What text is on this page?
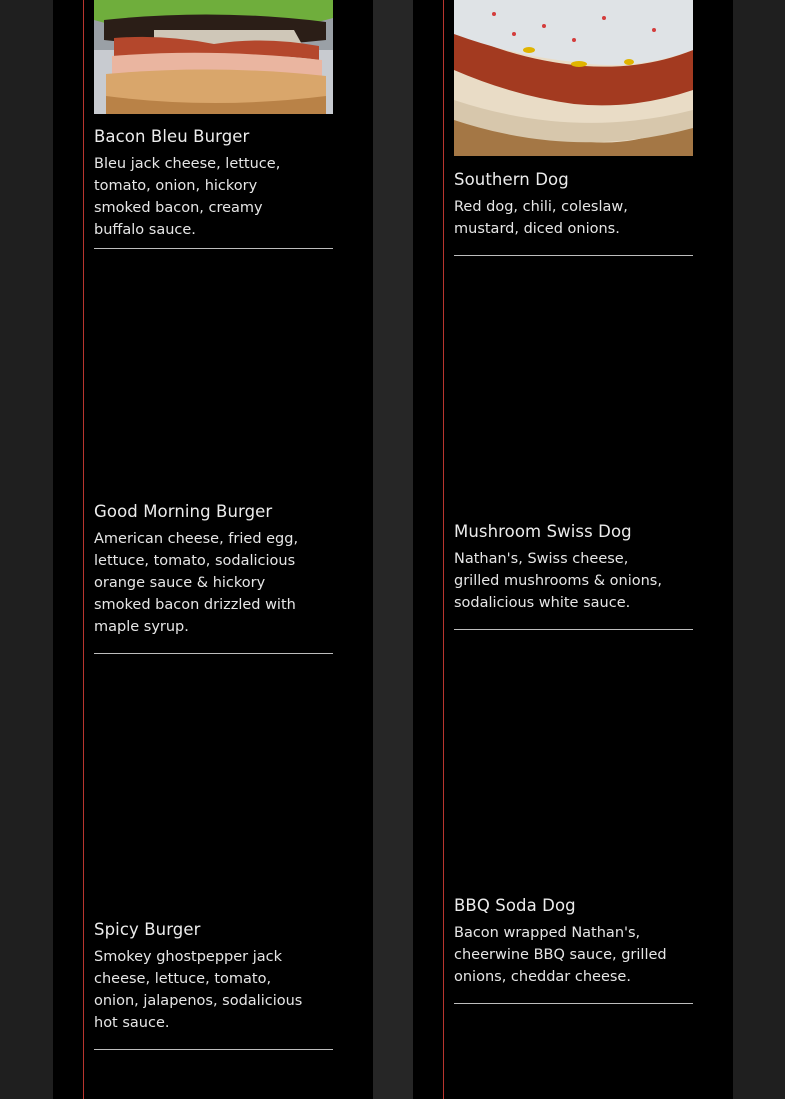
Bacon Bleu Burger
Bleu jack cheese, lettuce, tomato, onion, hickory smoked bacon, creamy buffalo sauce.
Good Morning Burger
American cheese, fried egg, lettuce, tomato, sodalicious orange sauce & hickory smoked bacon drizzled with maple syrup.
Spicy Burger
Smokey ghostpepper jack cheese, lettuce, tomato, onion, jalapenos, sodalicious hot sauce.
Southern Dog
Red dog, chili, coleslaw, mustard, diced onions.
Mushroom Swiss Dog
Nathan's, Swiss cheese, grilled mushrooms & onions, sodalicious white sauce.
BBQ Soda Dog
Bacon wrapped Nathan's, cheerwine BBQ sauce, grilled onions, cheddar cheese.
